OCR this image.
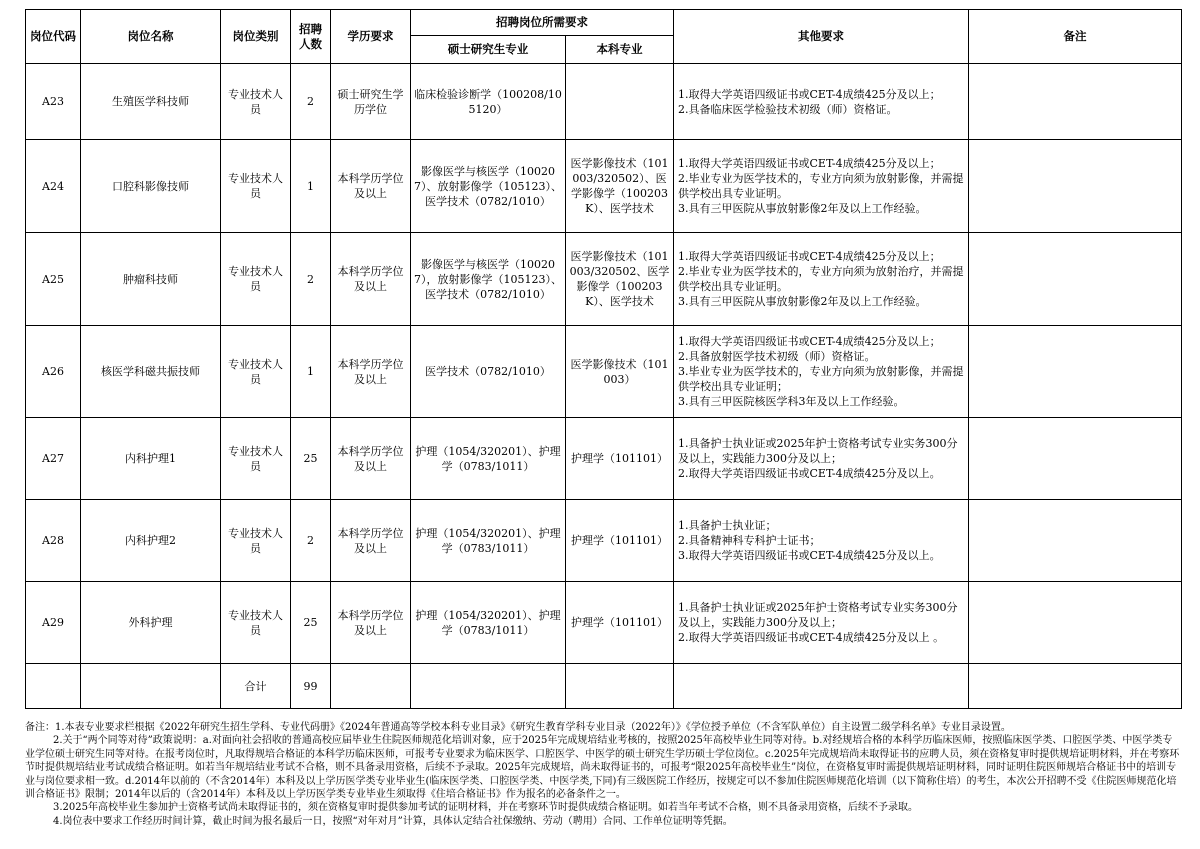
岗位代码	岗位名称	岗位类别	招聘人数	学历要求	招聘岗位所需要求		其他要求	备注
					硕士研究生专业	本科专业		
A23	生殖医学科技师	专业技术人员	2	硕士研究生学历学位	临床检验诊断学（100208/105120）		1.取得大学英语四级证书或CET-4成绩425分及以上；
2.具备临床医学检验技术初级（师）资格证。	

A24	口腔科影像技师	专业技术人员	1	本科学历学位及以上	影像医学与核医学（100207）、放射影像学（105123）、医学技术（0782/1010）	医学影像技术（101003/320502）、医学影像学（100203K）、医学技术	1.取得大学英语四级证书或CET-4成绩425分及以上；
2.毕业专业为医学技术的，专业方向须为放射影像，并需提供学校出具专业证明。
3.具有三甲医院从事放射影像2年及以上工作经验。	

A25	肿瘤科技师	专业技术人员	2	本科学历学位及以上	影像医学与核医学（100207），放射影像学（105123）、医学技术（0782/1010）	医学影像技术（101003/320502、医学影像学（100203K）、医学技术	1.取得大学英语四级证书或CET-4成绩425分及以上；
2.毕业专业为医学技术的，专业方向须为放射治疗，并需提供学校出具专业证明。
3.具有三甲医院从事放射影像2年及以上工作经验。	

A26	核医学科磁共振技师	专业技术人员	1	本科学历学位及以上	医学技术（0782/1010）	医学影像技术（101003）	1.取得大学英语四级证书或CET-4成绩425分及以上；
2.具备放射医学技术初级（师）资格证。
3.毕业专业为医学技术的，专业方向须为放射影像，并需提供学校出具专业证明；
3.具有三甲医院核医学科3年及以上工作经验。	

A27	内科护理1	专业技术人员	25	本科学历学位及以上	护理（1054/320201）、护理学（0783/1011）	护理学（101101）	1.具备护士执业证或2025年护士资格考试专业实务300分及以上，实践能力300分及以上；
2.取得大学英语四级证书或CET-4成绩425分及以上。	

A28	内科护理2	专业技术人员	2	本科学历学位及以上	护理（1054/320201）、护理学（0783/1011）	护理学（101101）	1.具备护士执业证；
2.具备精神科专科护士证书；
3.取得大学英语四级证书或CET-4成绩425分及以上。	

A29	外科护理	专业技术人员	25	本科学历学位及以上	护理（1054/320201）、护理学（0783/1011）	护理学（101101）	1.具备护士执业证或2025年护士资格考试专业实务300分及以上，实践能力300分及以上；
2.取得大学英语四级证书或CET-4成绩425分及以上 。	

		合计	99					

备注：1.本表专业要求栏根据《2022年研究生招生学科、专业代码册》《2024年普通高等学校本科专业目录》《研究生教育学科专业目录（2022年）》《学位授予单位（不含军队单位）自主设置二级学科名单》专业目录设置。

2.关于“两个同等对待”政策说明：a.对面向社会招收的普通高校应届毕业生住院医师规范化培训对象，应于2025年完成规培结业考核的，按照2025年高校毕业生同等对待。b.对经规培合格的本科学历临床医师，按照临床医学类、口腔医学类、中医学类专业学位硕士研究生同等对待。在报考岗位时，凡取得规培合格证的本科学历临床医师，可报考专业要求为临床医学、口腔医学、中医学的硕士研究生学历硕士学位岗位。c.2025年完成规培尚未取得证书的应聘人员，须在资格复审时提供规培证明材料，并在考察环节时提供规培结业考试成绩合格证明。如若当年规培结业考试不合格，则不具备录用资格，后续不予录取。2025年完成规培，尚未取得证书的，可报考“限2025年高校毕业生”岗位，在资格复审时需提供规培证明材料，同时证明住院医师规培合格证书中的培训专业与岗位要求相一致。d.2014年以前的（不含2014年）本科及以上学历医学类专业毕业生(临床医学类、口腔医学类、中医学类,下同)有三级医院工作经历，按规定可以不参加住院医师规范化培训（以下简称住培）的考生，本次公开招聘不受《住院医师规范化培训合格证书》限制；2014年以后的（含2014年）本科及以上学历医学类专业毕业生须取得《住培合格证书》作为报名的必备条件之一。

3.2025年高校毕业生参加护士资格考试尚未取得证书的，须在资格复审时提供参加考试的证明材料，并在考察环节时提供成绩合格证明。如若当年考试不合格，则不具备录用资格，后续不予录取。

4.岗位表中要求工作经历时间计算，截止时间为报名最后一日，按照“对年对月”计算，具体认定结合社保缴纳、劳动（聘用）合同、工作单位证明等凭据。
